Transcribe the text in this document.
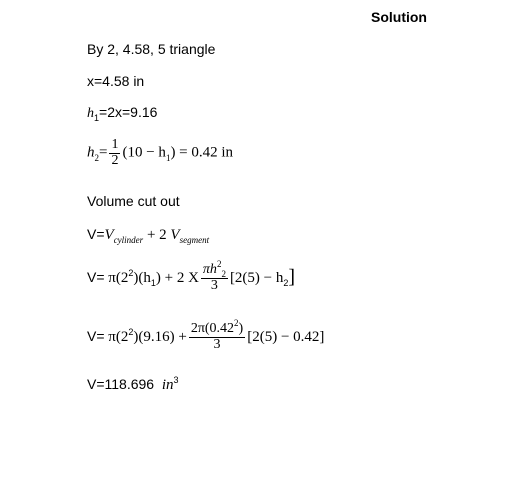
Solution
By 2, 4.58, 5 triangle
x=4.58 in
$h_1=2x=9.16$
$h_2= \frac{1}{2} (10 - h_1) = 0.42$ in
Volume cut out
$V=V_{cylinder} + 2$ $V_{segment}$
$V= \pi(2^2)(h_1) + 2$ X $\frac{\pi h^2_2}{3} [2(5) - h_2]$
$V= \pi(2^2)(9.16) + \frac{2\pi(0.42^2)}{3} [2(5) - 0.42]$
V=118.696 $in^3$
